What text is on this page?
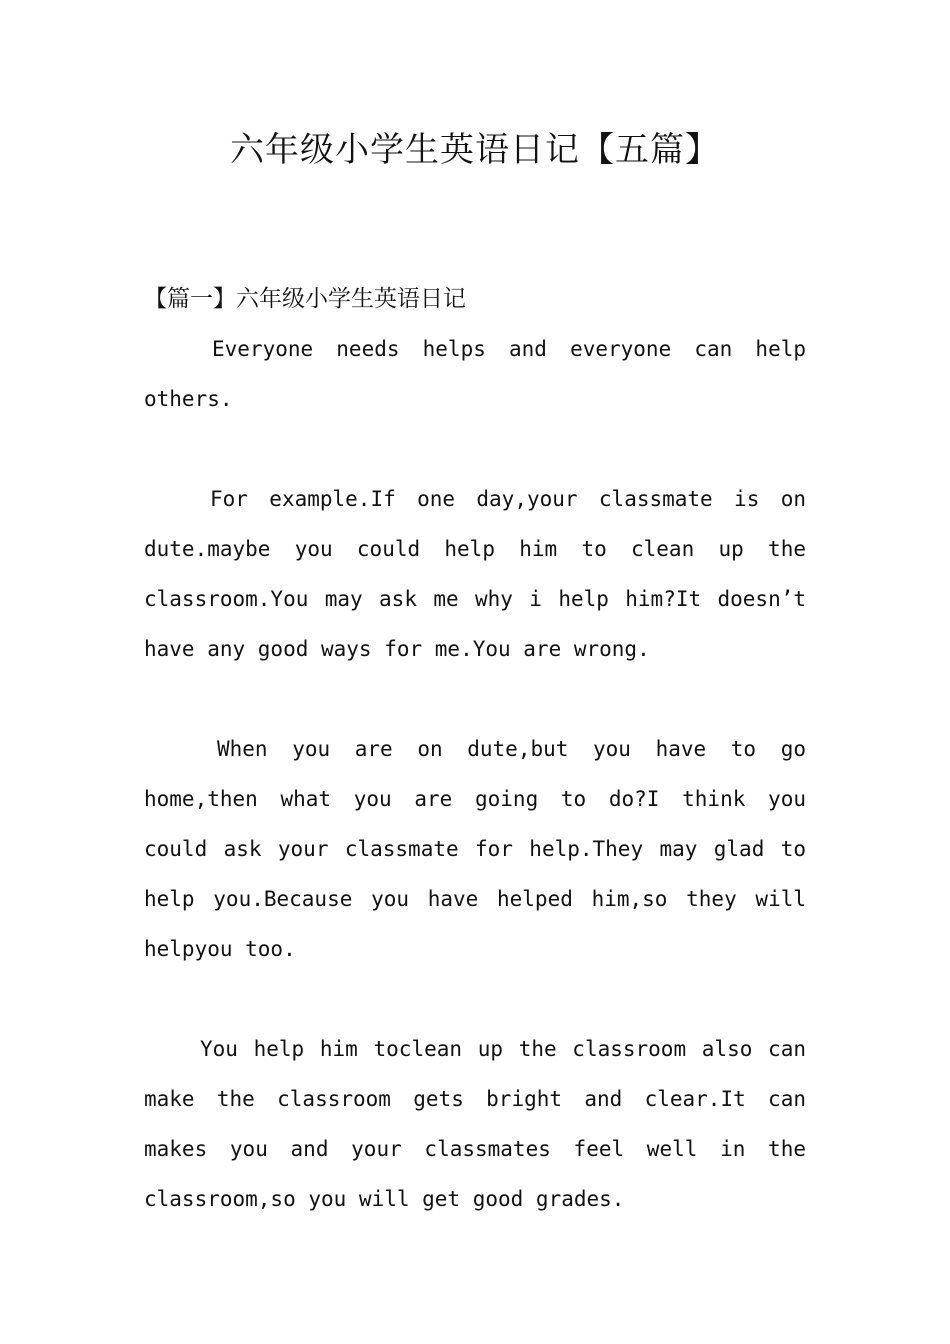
六年级小学生英语日记【五篇】
【篇一】六年级小学生英语日记

Everyone needs helps and everyone can help
others.

For example.If one day,your classmate is on
dute.maybe you could help him to clean up the
classroom.You may ask me why i help him?It doesn’t
have any good ways for me.You are wrong.

When you are on dute,but you have to go
home,then what you are going to do?I think you
could ask your classmate for help.They may glad to
help you.Because you have helped him,so they will
helpyou too.

You help him toclean up the classroom also can
make the classroom gets bright and clear.It can
makes you and your classmates feel well in the
classroom,so you will get good grades.
